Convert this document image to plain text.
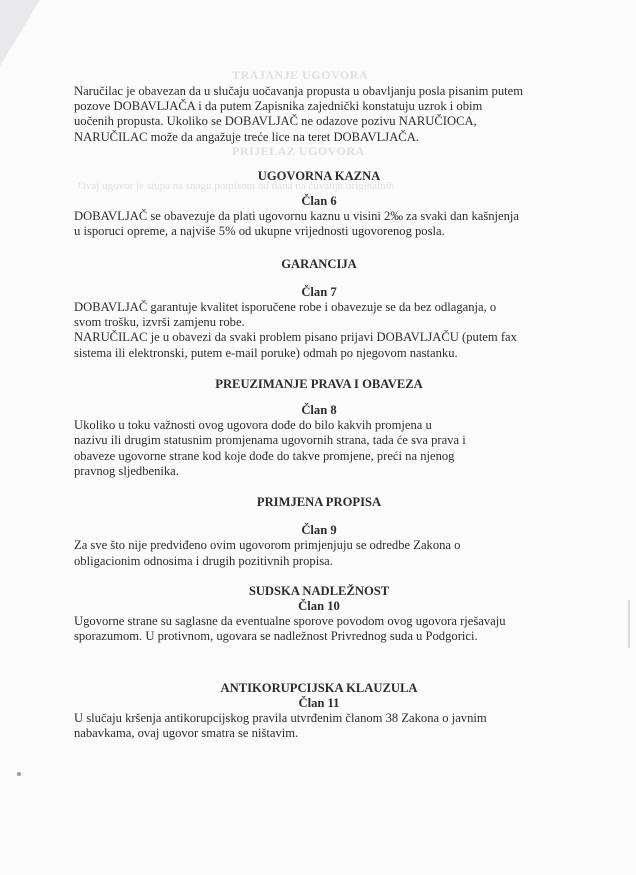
TRAJANJE UGOVORA
PRIJELAZ UGOVORA
Ovaj ugovor je stupa na snagu potpisom od dana na čuvanju originalnih

Naručilac je obavezan da u slučaju uočavanja propusta u obavljanju posla pisanim putem

pozove DOBAVLJAČA i da putem Zapisnika zajednički konstatuju uzrok i obim

uočenih propusta. Ukoliko se DOBAVLJAČ ne odazove pozivu NARUČIOCA,

NARUČILAC može da angažuje treće lice na teret DOBAVLJAČA.

UGOVORNA KAZNA

Član 6

DOBAVLJAČ se obavezuje da plati ugovornu kaznu u visini 2‰ za svaki dan kašnjenja

u isporuci opreme, a najviše 5% od ukupne vrijednosti ugovorenog posla.

GARANCIJA

Član 7

DOBAVLJAČ garantuje kvalitet isporučene robe i obavezuje se da bez odlaganja, o

svom trošku, izvrši zamjenu robe.

NARUČILAC je u obavezi da svaki problem pisano prijavi DOBAVLJAČU (putem fax

sistema ili elektronski, putem e-mail poruke) odmah po njegovom nastanku.

PREUZIMANJE PRAVA I OBAVEZA

Član 8

Ukoliko u toku važnosti ovog ugovora dođe do bilo kakvih promjena u

nazivu ili drugim statusnim promjenama ugovornih strana, tada će sva prava i

obaveze ugovorne strane kod koje dođe do takve promjene, preći na njenog

pravnog sljedbenika.

PRIMJENA PROPISA

Član 9

Za sve što nije predviđeno ovim ugovorom primjenjuju se odredbe Zakona o

obligacionim odnosima i drugih pozitivnih propisa.

SUDSKA NADLEŽNOST

Član 10

Ugovorne strane su saglasne da eventualne sporove povodom ovog ugovora rješavaju

sporazumom. U protivnom, ugovara se nadležnost Privrednog suda u Podgorici.

ANTIKORUPCIJSKA KLAUZULA

Član 11

U slučaju kršenja antikorupcijskog pravila utvrđenim članom 38 Zakona o javnim

nabavkama, ovaj ugovor smatra se ništavim.
